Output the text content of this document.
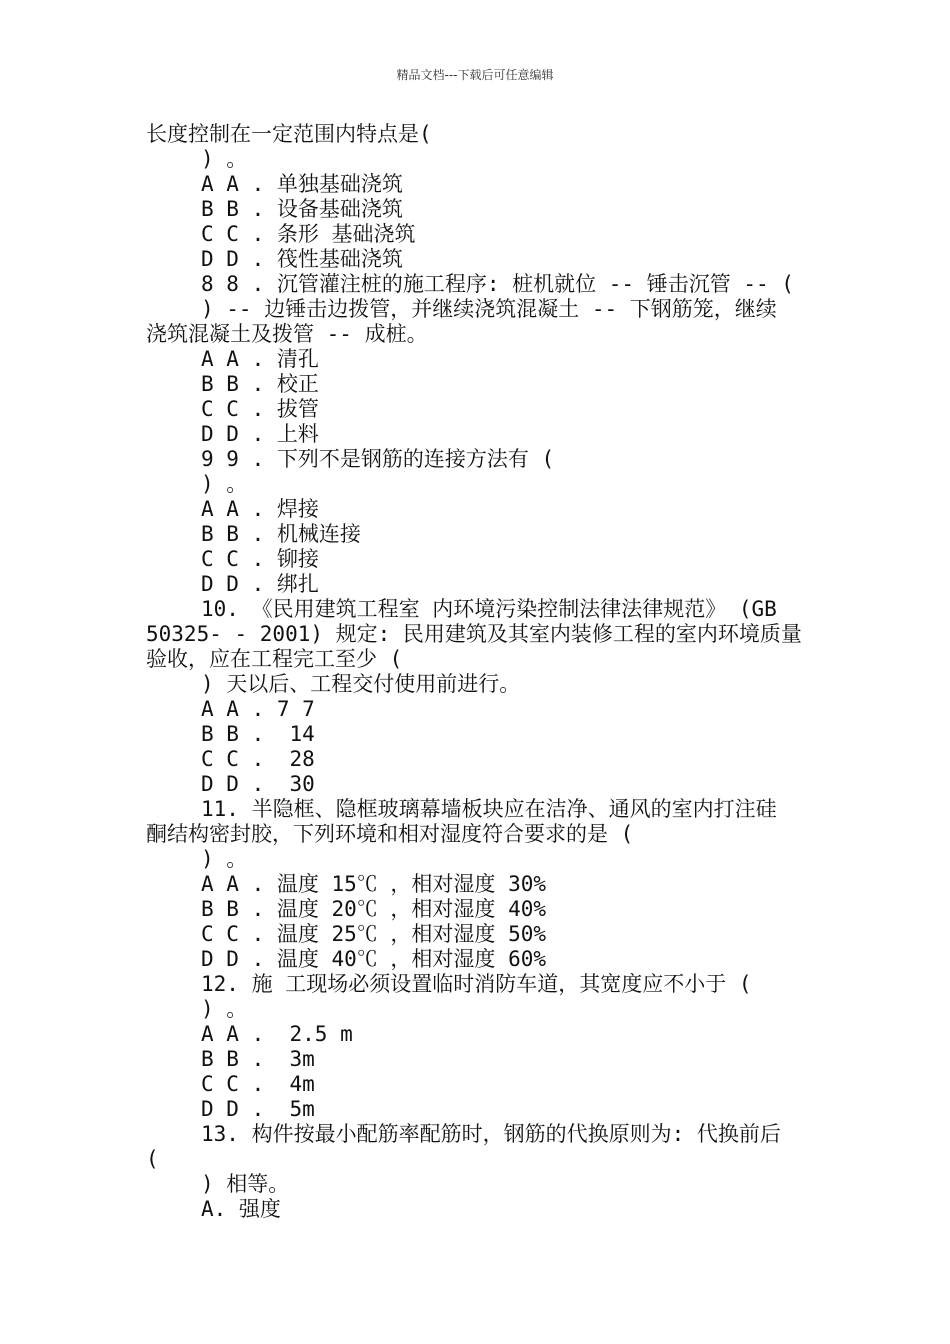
精品文档---下载后可任意编辑
长度控制在一定范围内特点是(
) 。
A A . 单独基础浇筑
B B . 设备基础浇筑
C C . 条形 基础浇筑
D D . 筏性基础浇筑
8 8 . 沉管灌注桩的施工程序: 桩机就位 -- 锤击沉管 -- (
) -- 边锤击边拨管，并继续浇筑混凝土 -- 下钢筋笼，继续
浇筑混凝土及拨管 -- 成桩。
A A . 清孔
B B . 校正
C C . 拔管
D D . 上料
9 9 . 下列不是钢筋的连接方法有 (
) 。
A A . 焊接
B B . 机械连接
C C . 铆接
D D . 绑扎
10. 《民用建筑工程室 内环境污染控制法律法律规范》 (GB
50325- - 2001) 规定: 民用建筑及其室内装修工程的室内环境质量
验收，应在工程完工至少 (
) 天以后、工程交付使用前进行。
A A . 7 7
B B .  14
C C .  28
D D .  30
11. 半隐框、隐框玻璃幕墙板块应在洁净、通风的室内打注硅
酮结构密封胶，下列环境和相对湿度符合要求的是 (
) 。
A A . 温度 15℃ ，相对湿度 30%
B B . 温度 20℃ ，相对湿度 40%
C C . 温度 25℃ ，相对湿度 50%
D D . 温度 40℃ ，相对湿度 60%
12. 施 工现场必须设置临时消防车道，其宽度应不小于 (
) 。
A A .  2.5 m
B B .  3m
C C .  4m
D D .  5m
13. 构件按最小配筋率配筋时，钢筋的代换原则为: 代换前后
(
) 相等。
A. 强度
